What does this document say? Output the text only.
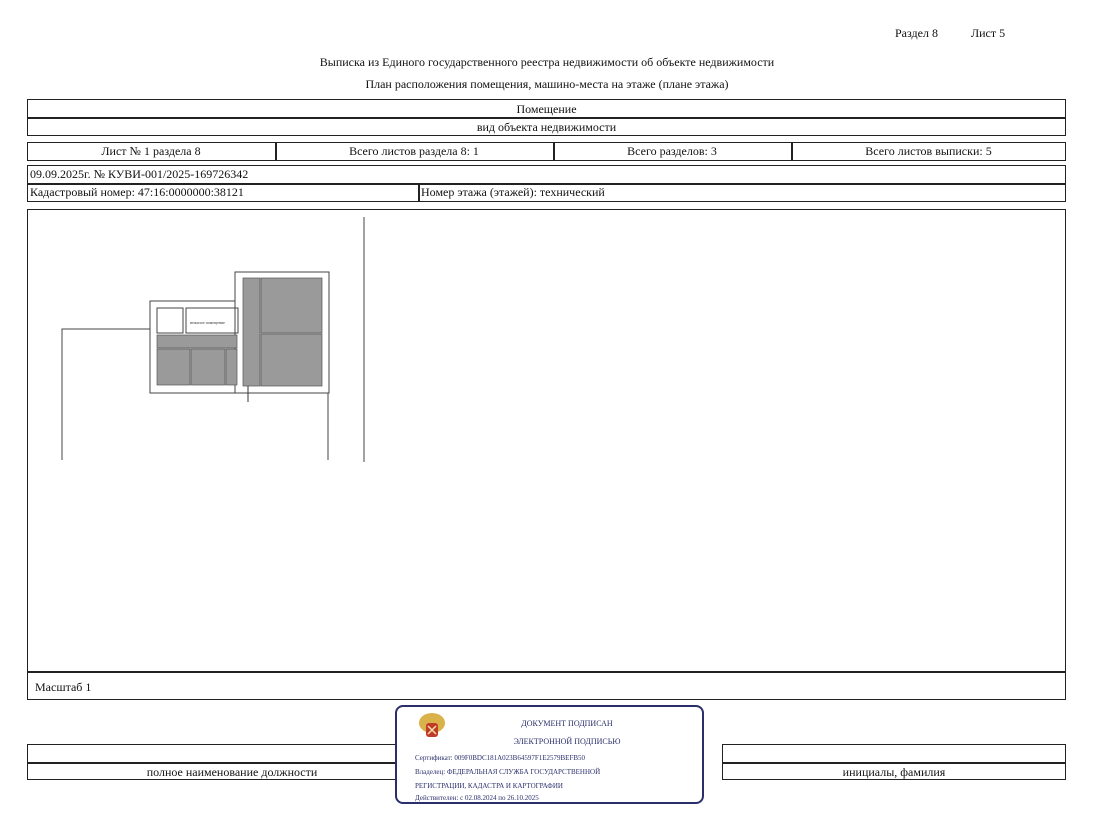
Раздел 8	Лист 5
Выписка из Единого государственного реестра недвижимости об объекте недвижимости
План расположения помещения, машино-места на этаже (плане этажа)
Помещение
вид объекта недвижимости
Лист № 1 раздела 8	Всего листов раздела 8: 1	Всего разделов: 3	Всего листов выписки: 5
09.09.2025г. № КУВИ-001/2025-169726342
Кадастровый номер: 47:16:0000000:38121	Номер этажа (этажей): технический
нежилое помещение
Масштаб 1
полное наименование должности	инициалы, фамилия
ДОКУМЕНТ ПОДПИСАН
ЭЛЕКТРОННОЙ ПОДПИСЬЮ
Сертификат: 009F0BDC181A023B64597F1E2579BEFB50
Владелец: ФЕДЕРАЛЬНАЯ СЛУЖБА ГОСУДАРСТВЕННОЙ
РЕГИСТРАЦИИ, КАДАСТРА И КАРТОГРАФИИ
Действителен: с 02.08.2024 по 26.10.2025
